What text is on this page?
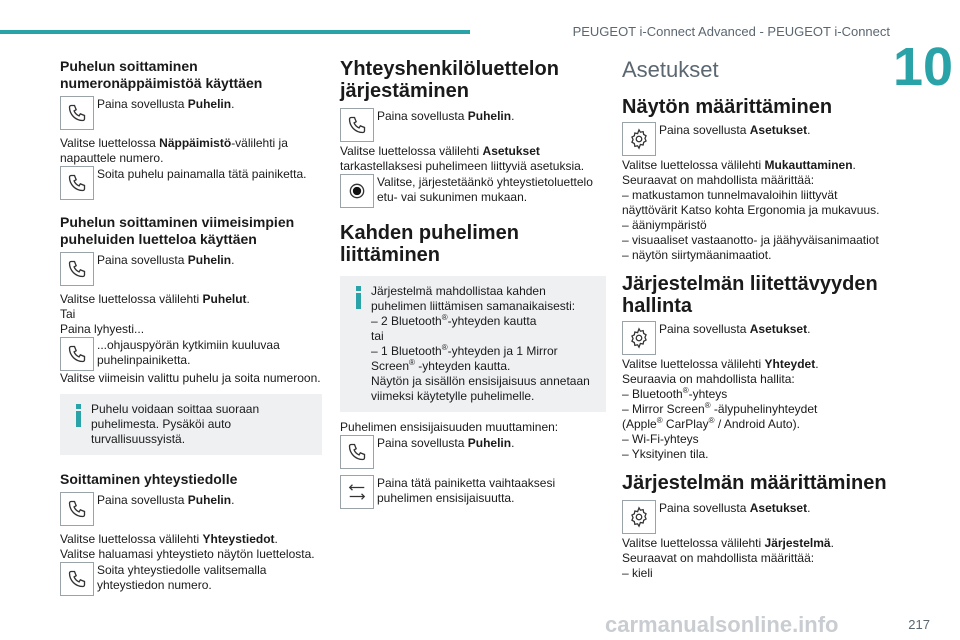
PEUGEOT i-Connect Advanced - PEUGEOT i-Connect
10
Puhelun soittaminen numeronäppäimistöä käyttäen
Paina sovellusta Puhelin.
Valitse luettelossa Näppäimistö-välilehti ja napauttele numero.
Soita puhelu painamalla tätä painiketta.
Puhelun soittaminen viimeisimpien puheluiden luetteloa käyttäen
Paina sovellusta Puhelin.
Valitse luettelossa välilehti Puhelut.
Tai
Paina lyhyesti...
...ohjauspyörän kytkimiin kuuluvaa puhelinpainiketta.
Valitse viimeisin valittu puhelu ja soita numeroon.
Puhelu voidaan soittaa suoraan puhelimesta. Pysäköi auto turvallisuussyistä.
Soittaminen yhteystiedolle
Paina sovellusta Puhelin.
Valitse luettelossa välilehti Yhteystiedot.
Valitse haluamasi yhteystieto näytön luettelosta.
Soita yhteystiedolle valitsemalla yhteystiedon numero.
Yhteyshenkilöluettelon järjestäminen
Paina sovellusta Puhelin.
Valitse luettelossa välilehti Asetukset tarkastellaksesi puhelimeen liittyviä asetuksia.
Valitse, järjestetäänkö yhteystietoluettelo etu- vai sukunimen mukaan.
Kahden puhelimen liittäminen
Järjestelmä mahdollistaa kahden puhelimen liittämisen samanaikaisesti:
– 2 Bluetooth®-yhteyden kautta
tai
– 1 Bluetooth®-yhteyden ja 1 Mirror Screen® -yhteyden kautta.
Näytön ja sisällön ensisijaisuus annetaan viimeksi käytetylle puhelimelle.
Puhelimen ensisijaisuuden muuttaminen:
Paina sovellusta Puhelin.
Paina tätä painiketta vaihtaaksesi puhelimen ensisijaisuutta.
Asetukset
Näytön määrittäminen
Paina sovellusta Asetukset.
Valitse luettelossa välilehti Mukauttaminen.
Seuraavat on mahdollista määrittää:
– matkustamon tunnelmavaloihin liittyvät näyttövärit Katso kohta Ergonomia ja mukavuus.
– ääniympäristö
– visuaaliset vastaanotto- ja jäähyväisanimaatiot
– näytön siirtymäanimaatiot.
Järjestelmän liitettävyyden hallinta
Paina sovellusta Asetukset.
Valitse luettelossa välilehti Yhteydet.
Seuraavia on mahdollista hallita:
– Bluetooth®-yhteys
– Mirror Screen® -älypuhelinyhteydet
(Apple® CarPlay® / Android Auto).
– Wi-Fi-yhteys
– Yksityinen tila.
Järjestelmän määrittäminen
Paina sovellusta Asetukset.
Valitse luettelossa välilehti Järjestelmä.
Seuraavat on mahdollista määrittää:
– kieli
carmanualsonline.info	217
